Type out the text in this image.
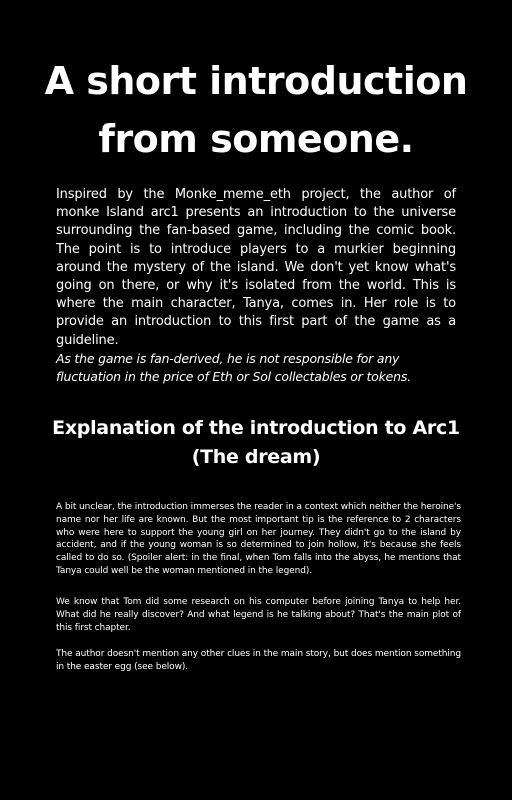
A short introduction from someone.

Inspired by the Monke_meme_eth project, the author of monke Island arc1 presents an introduction to the universe surrounding the fan-based game, including the comic book. The point is to introduce players to a murkier beginning around the mystery of the island. We don't yet know what's going on there, or why it's isolated from the world. This is where the main character, Tanya, comes in. Her role is to provide an introduction to this first part of the game as a guideline.

As the game is fan-derived, he is not responsible for any fluctuation in the price of Eth or Sol collectables or tokens.

Explanation of the introduction to Arc1 (The dream)

A bit unclear, the introduction immerses the reader in a context which neither the heroine's name nor her life are known. But the most important tip is the reference to 2 characters who were here to support the young girl on her journey. They didn't go to the island by accident, and if the young woman is so determined to join hollow, it's because she feels called to do so. (Spoiler alert: in the final, when Tom falls into the abyss, he mentions that Tanya could well be the woman mentioned in the legend).

We know that Tom did some research on his computer before joining Tanya to help her. What did he really discover? And what legend is he talking about? That's the main plot of this first chapter.

The author doesn't mention any other clues in the main story, but does mention something in the easter egg (see below).
